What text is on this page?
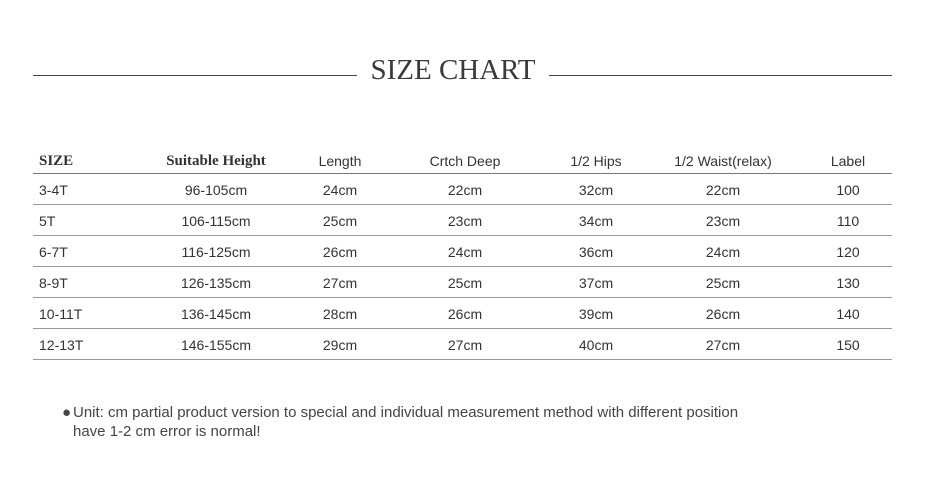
SIZE CHART
SIZE	Suitable Height	Length	Crtch Deep	1/2 Hips	1/2 Waist(relax)	Label
3-4T	96-105cm	24cm	22cm	32cm	22cm	100
5T	106-115cm	25cm	23cm	34cm	23cm	110
6-7T	116-125cm	26cm	24cm	36cm	24cm	120
8-9T	126-135cm	27cm	25cm	37cm	25cm	130
10-11T	136-145cm	28cm	26cm	39cm	26cm	140
12-13T	146-155cm	29cm	27cm	40cm	27cm	150
● Unit: cm partial product version to special and individual measurement method with different position
have 1-2 cm error is normal!
